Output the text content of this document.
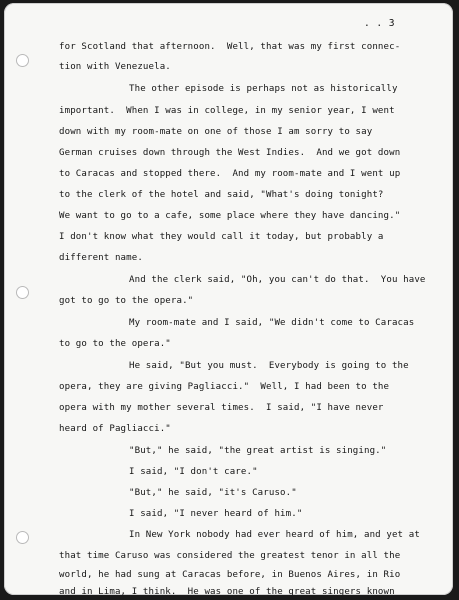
. . 3
for Scotland that afternoon.  Well, that was my first connec-
tion with Venezuela.
The other episode is perhaps not as historically
important.  When I was in college, in my senior year, I went
down with my room-mate on one of those I am sorry to say
German cruises down through the West Indies.  And we got down
to Caracas and stopped there.  And my room-mate and I went up
to the clerk of the hotel and said, "What's doing tonight?
We want to go to a cafe, some place where they have dancing."
I don't know what they would call it today, but probably a
different name.
And the clerk said, "Oh, you can't do that.  You have
got to go to the opera."
My room-mate and I said, "We didn't come to Caracas
to go to the opera."
He said, "But you must.  Everybody is going to the
opera, they are giving Pagliacci."  Well, I had been to the
opera with my mother several times.  I said, "I have never
heard of Pagliacci."
"But," he said, "the great artist is singing."
I said, "I don't care."
"But," he said, "it's Caruso."
I said, "I never heard of him."
In New York nobody had ever heard of him, and yet at
that time Caruso was considered the greatest tenor in all the
world, he had sung at Caracas before, in Buenos Aires, in Rio
and in Lima, I think.  He was one of the great singers known
